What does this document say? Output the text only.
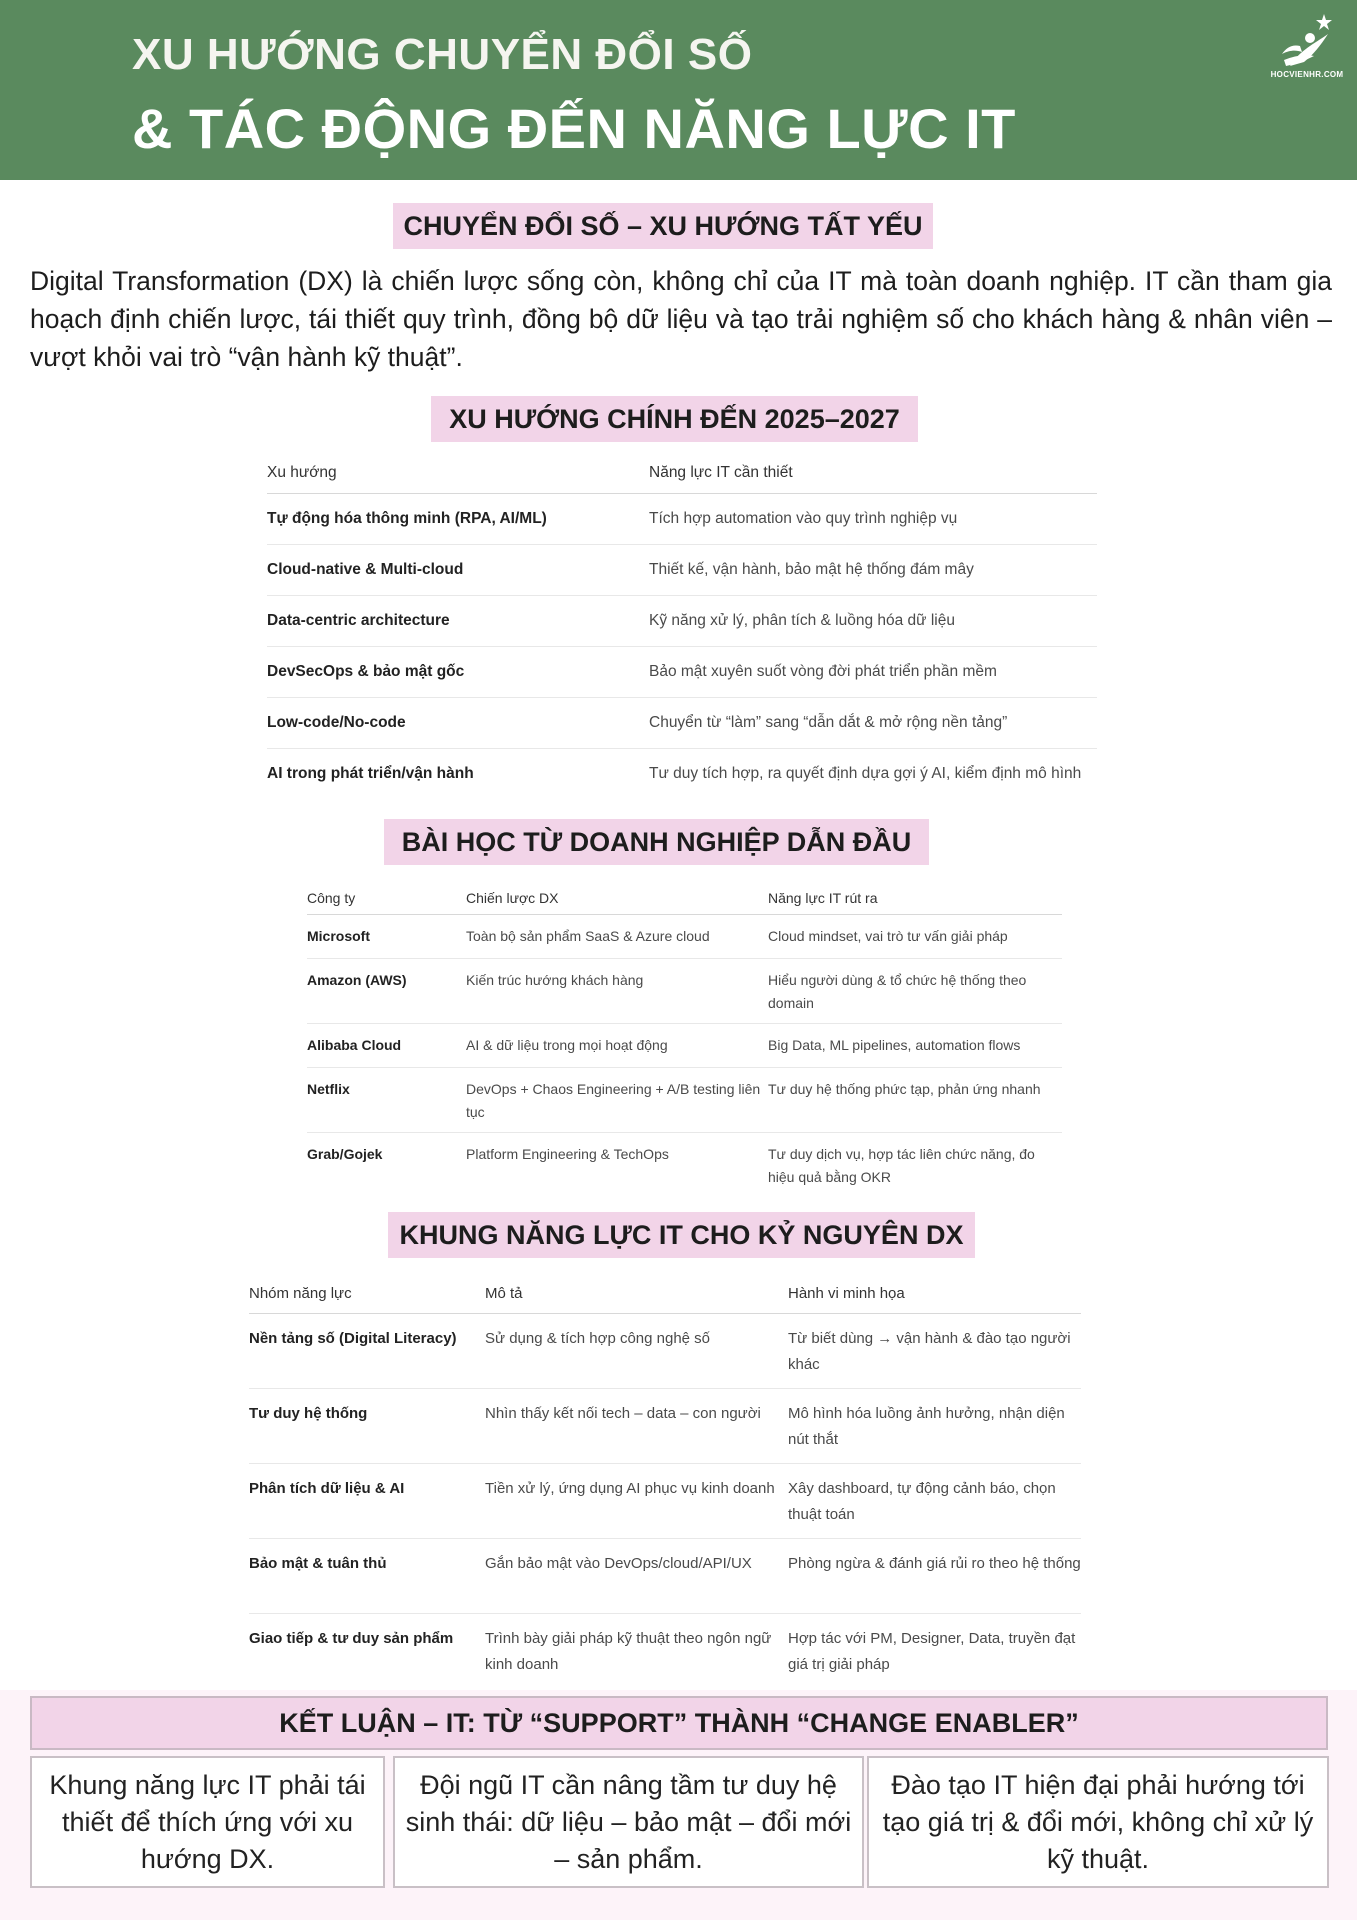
XU HƯỚNG CHUYỂN ĐỔI SỐ
& TÁC ĐỘNG ĐẾN NĂNG LỰC IT
HOCVIENHR.COM
CHUYỂN ĐỔI SỐ – XU HƯỚNG TẤT YẾU

Digital Transformation (DX) là chiến lược sống còn, không chỉ của IT mà toàn doanh nghiệp. IT cần tham gia hoạch định chiến lược, tái thiết quy trình, đồng bộ dữ liệu và tạo trải nghiệm số cho khách hàng & nhân viên – vượt khỏi vai trò “vận hành kỹ thuật”.

XU HƯỚNG CHÍNH ĐẾN 2025–2027
Xu hướng	Năng lực IT cần thiết
Tự động hóa thông minh (RPA, AI/ML)	Tích hợp automation vào quy trình nghiệp vụ
Cloud-native & Multi-cloud	Thiết kế, vận hành, bảo mật hệ thống đám mây
Data-centric architecture	Kỹ năng xử lý, phân tích & luồng hóa dữ liệu
DevSecOps & bảo mật gốc	Bảo mật xuyên suốt vòng đời phát triển phần mềm
Low-code/No-code	Chuyển từ “làm” sang “dẫn dắt & mở rộng nền tảng”
AI trong phát triển/vận hành	Tư duy tích hợp, ra quyết định dựa gợi ý AI, kiểm định mô hình
BÀI HỌC TỪ DOANH NGHIỆP DẪN ĐẦU
Công ty	Chiến lược DX	Năng lực IT rút ra
Microsoft	Toàn bộ sản phẩm SaaS & Azure cloud	Cloud mindset, vai trò tư vấn giải pháp
Amazon (AWS)	Kiến trúc hướng khách hàng	Hiểu người dùng & tổ chức hệ thống theo domain
Alibaba Cloud	AI & dữ liệu trong mọi hoạt động	Big Data, ML pipelines, automation flows
Netflix	DevOps + Chaos Engineering + A/B testing liên tục	Tư duy hệ thống phức tạp, phản ứng nhanh
Grab/Gojek	Platform Engineering & TechOps	Tư duy dịch vụ, hợp tác liên chức năng, đo hiệu quả bằng OKR
KHUNG NĂNG LỰC IT CHO KỶ NGUYÊN DX
Nhóm năng lực	Mô tả	Hành vi minh họa
Nền tảng số (Digital Literacy)	Sử dụng & tích hợp công nghệ số	Từ biết dùng → vận hành & đào tạo người khác
Tư duy hệ thống	Nhìn thấy kết nối tech – data – con người	Mô hình hóa luồng ảnh hưởng, nhận diện nút thắt
Phân tích dữ liệu & AI	Tiền xử lý, ứng dụng AI phục vụ kinh doanh	Xây dashboard, tự động cảnh báo, chọn thuật toán
Bảo mật & tuân thủ	Gắn bảo mật vào DevOps/cloud/API/UX	Phòng ngừa & đánh giá rủi ro theo hệ thống
Giao tiếp & tư duy sản phẩm	Trình bày giải pháp kỹ thuật theo ngôn ngữ kinh doanh	Hợp tác với PM, Designer, Data, truyền đạt giá trị giải pháp
KẾT LUẬN – IT: TỪ “SUPPORT” THÀNH “CHANGE ENABLER”
Khung năng lực IT phải tái thiết để thích ứng với xu hướng DX.
Đội ngũ IT cần nâng tầm tư duy hệ sinh thái: dữ liệu – bảo mật – đổi mới – sản phẩm.
Đào tạo IT hiện đại phải hướng tới tạo giá trị & đổi mới, không chỉ xử lý kỹ thuật.
